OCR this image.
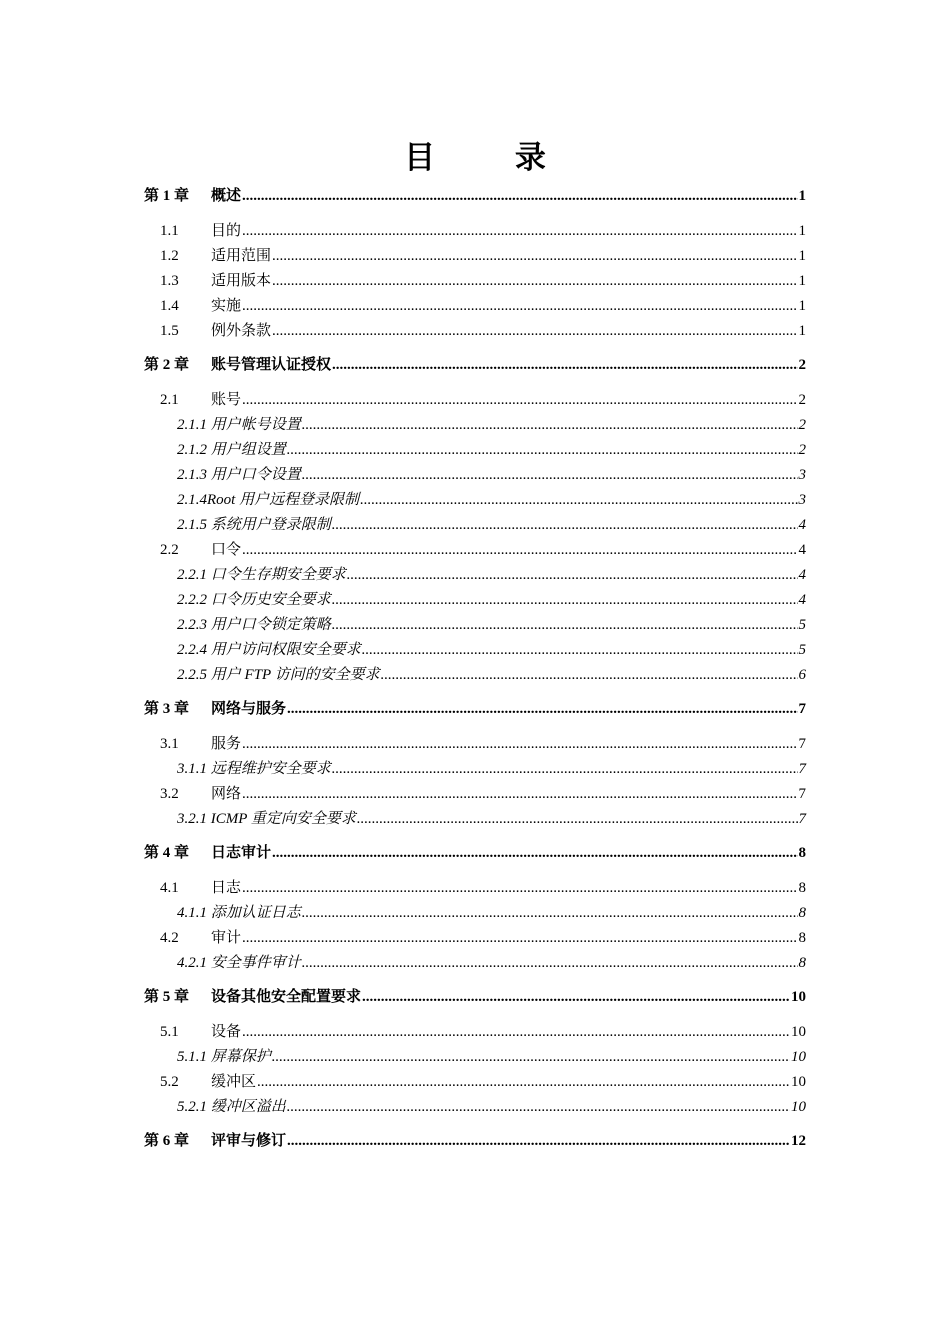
目 录
第 1 章	概述 .....	1
1.1	目的 .....	1
1.2	适用范围 .....	1
1.3	适用版本 .....	1
1.4	实施 .....	1
1.5	例外条款 .....	1
第 2 章	账号管理认证授权 .....	2
2.1	账号 .....	2
2.1.1 用户帐号设置 .....	2
2.1.2 用户组设置 .....	2
2.1.3 用户口令设置 .....	3
2.1.4Root 用户远程登录限制 .....	3
2.1.5 系统用户登录限制 .....	4
2.2	口令 .....	4
2.2.1 口令生存期安全要求 .....	4
2.2.2 口令历史安全要求 .....	4
2.2.3 用户口令锁定策略 .....	5
2.2.4 用户访问权限安全要求 .....	5
2.2.5 用户 FTP 访问的安全要求 .....	6
第 3 章	网络与服务 .....	7
3.1	服务 .....	7
3.1.1 远程维护安全要求 .....	7
3.2	网络 .....	7
3.2.1 ICMP 重定向安全要求 .....	7
第 4 章	日志审计 .....	8
4.1	日志 .....	8
4.1.1 添加认证日志 .....	8
4.2	审计 .....	8
4.2.1 安全事件审计 .....	8
第 5 章	设备其他安全配置要求 .....	10
5.1	设备 .....	10
5.1.1 屏幕保护 .....	10
5.2	缓冲区 .....	10
5.2.1 缓冲区溢出 .....	10
第 6 章	评审与修订 .....	12
